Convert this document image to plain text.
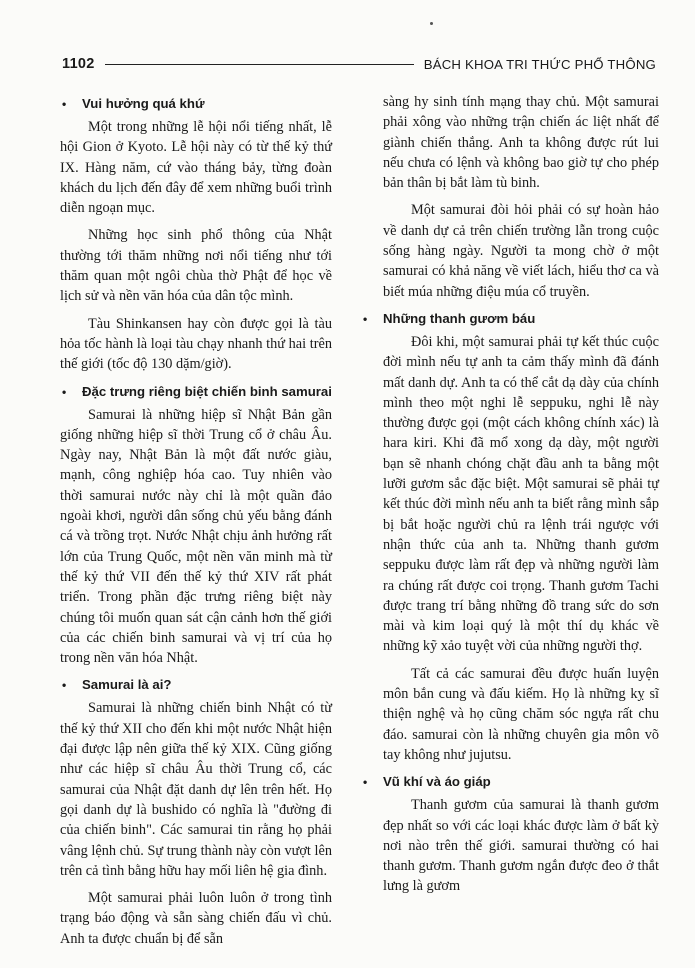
1102	BÁCH KHOA TRI THỨC PHỔ THÔNG
• Vui hưởng quá khứ

Một trong những lễ hội nổi tiếng nhất, lễ hội Gion ở Kyoto. Lễ hội này có từ thế kỷ thứ IX. Hàng năm, cứ vào tháng bảy, từng đoàn khách du lịch đến đây để xem những buổi trình diễn ngoạn mục.

Những học sinh phổ thông của Nhật thường tới thăm những nơi nổi tiếng như tới thăm quan một ngôi chùa thờ Phật để học về lịch sử và nền văn hóa của dân tộc mình.

Tàu Shinkansen hay còn được gọi là tàu hỏa tốc hành là loại tàu chạy nhanh thứ hai trên thế giới (tốc độ 130 dặm/giờ).

• Đặc trưng riêng biệt chiến binh samurai

Samurai là những hiệp sĩ Nhật Bản gần giống những hiệp sĩ thời Trung cổ ở châu Âu. Ngày nay, Nhật Bản là một đất nước giàu, mạnh, công nghiệp hóa cao. Tuy nhiên vào thời samurai nước này chỉ là một quần đảo ngoài khơi, người dân sống chủ yếu bằng đánh cá và trồng trọt. Nước Nhật chịu ảnh hưởng rất lớn của Trung Quốc, một nền văn minh mà từ thế kỷ thứ VII đến thế kỷ thứ XIV rất phát triển. Trong phần đặc trưng riêng biệt này chúng tôi muốn quan sát cận cảnh hơn thế giới của các chiến binh samurai và vị trí của họ trong nền văn hóa Nhật.

• Samurai là ai?

Samurai là những chiến binh Nhật có từ thế kỷ thứ XII cho đến khi một nước Nhật hiện đại được lập nên giữa thế kỷ XIX. Cũng giống như các hiệp sĩ châu Âu thời Trung cổ, các samurai của Nhật đặt danh dự lên trên hết. Họ gọi danh dự là bushido có nghĩa là "đường đi của chiến binh". Các samurai tin rằng họ phải vâng lệnh chủ. Sự trung thành này còn vượt lên trên cả tình bằng hữu hay mối liên hệ gia đình.

Một samurai phải luôn luôn ở trong tình trạng báo động và sẵn sàng chiến đấu vì chủ. Anh ta được chuẩn bị để sẵn

sàng hy sinh tính mạng thay chủ. Một samurai phải xông vào những trận chiến ác liệt nhất để giành chiến thắng. Anh ta không được rút lui nếu chưa có lệnh và không bao giờ tự cho phép bản thân bị bắt làm tù binh.

Một samurai đòi hỏi phải có sự hoàn hảo về danh dự cả trên chiến trường lẫn trong cuộc sống hàng ngày. Người ta mong chờ ở một samurai có khả năng về viết lách, hiểu thơ ca và biết múa những điệu múa cổ truyền.

• Những thanh gươm báu

Đôi khi, một samurai phải tự kết thúc cuộc đời mình nếu tự anh ta cảm thấy mình đã đánh mất danh dự. Anh ta có thể cắt dạ dày của chính mình theo một nghi lễ seppuku, nghi lễ này thường được gọi (một cách không chính xác) là hara kiri. Khi đã mổ xong dạ dày, một người bạn sẽ nhanh chóng chặt đầu anh ta bằng một lưỡi gươm sắc đặc biệt. Một samurai sẽ phải tự kết thúc đời mình nếu anh ta biết rằng mình sắp bị bắt hoặc người chủ ra lệnh trái ngược với nhận thức của anh ta. Những thanh gươm seppuku được làm rất đẹp và những người làm ra chúng rất được coi trọng. Thanh gươm Tachi được trang trí bằng những đồ trang sức do sơn mài và kim loại quý là một thí dụ khác về những kỹ xảo tuyệt vời của những người thợ.

Tất cả các samurai đều được huấn luyện môn bắn cung và đấu kiếm. Họ là những kỵ sĩ thiện nghệ và họ cũng chăm sóc ngựa rất chu đáo. samurai còn là những chuyên gia môn võ tay không như jujutsu.

• Vũ khí và áo giáp

Thanh gươm của samurai là thanh gươm đẹp nhất so với các loại khác được làm ở bất kỳ nơi nào trên thế giới. samurai thường có hai thanh gươm. Thanh gươm ngắn được đeo ở thắt lưng là gươm
